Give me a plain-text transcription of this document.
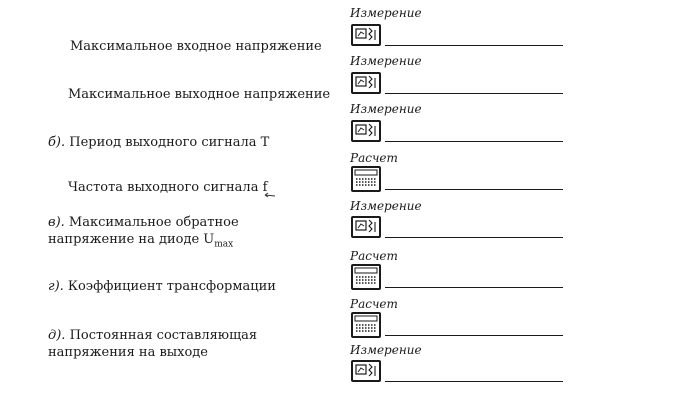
Максимальное входное напряжение

Максимальное выходное напряжение

б). Период выходного сигнала T

Частота выходного сигнала f

в). Максимальное обратное
напряжение на диоде $U_{max}$

г). Коэффициент трансформации

д). Постоянная составляющая
напряжения на выходе

Измерение
Измерение
Измерение
Расчет
Измерение
Расчет
Расчет
Измерение
